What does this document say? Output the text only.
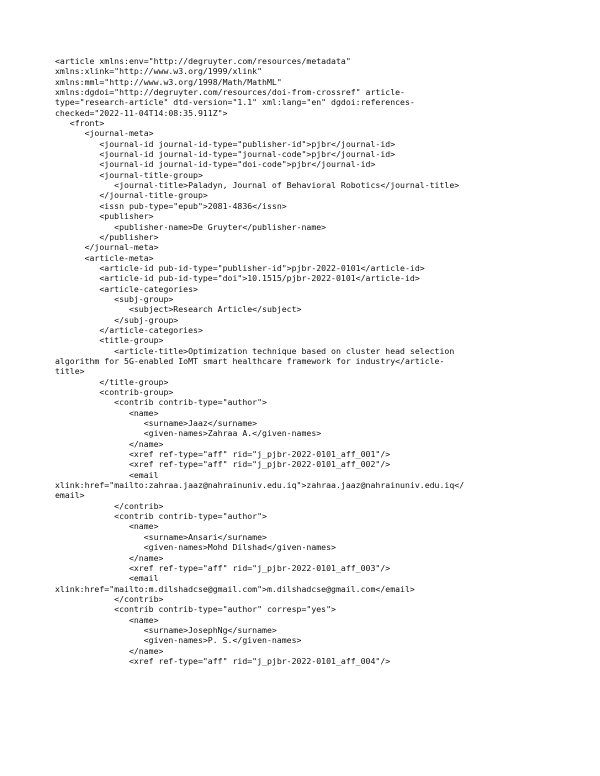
<article xmlns:env="http://degruyter.com/resources/metadata"
xmlns:xlink="http://www.w3.org/1999/xlink"
xmlns:mml="http://www.w3.org/1998/Math/MathML"
xmlns:dgdoi="http://degruyter.com/resources/doi-from-crossref" article-
type="research-article" dtd-version="1.1" xml:lang="en" dgdoi:references-
checked="2022-11-04T14:08:35.911Z">
<front>
<journal-meta>
<journal-id journal-id-type="publisher-id">pjbr</journal-id>
<journal-id journal-id-type="journal-code">pjbr</journal-id>
<journal-id journal-id-type="doi-code">pjbr</journal-id>
<journal-title-group>
<journal-title>Paladyn, Journal of Behavioral Robotics</journal-title>
</journal-title-group>
<issn pub-type="epub">2081-4836</issn>
<publisher>
<publisher-name>De Gruyter</publisher-name>
</publisher>
</journal-meta>
<article-meta>
<article-id pub-id-type="publisher-id">pjbr-2022-0101</article-id>
<article-id pub-id-type="doi">10.1515/pjbr-2022-0101</article-id>
<article-categories>
<subj-group>
<subject>Research Article</subject>
</subj-group>
</article-categories>
<title-group>
<article-title>Optimization technique based on cluster head selection
algorithm for 5G-enabled IoMT smart healthcare framework for industry</article-
title>
</title-group>
<contrib-group>
<contrib contrib-type="author">
<name>
<surname>Jaaz</surname>
<given-names>Zahraa A.</given-names>
</name>
<xref ref-type="aff" rid="j_pjbr-2022-0101_aff_001"/>
<xref ref-type="aff" rid="j_pjbr-2022-0101_aff_002"/>
<email
xlink:href="mailto:zahraa.jaaz@nahrainuniv.edu.iq">zahraa.jaaz@nahrainuniv.edu.iq</
email>
</contrib>
<contrib contrib-type="author">
<name>
<surname>Ansari</surname>
<given-names>Mohd Dilshad</given-names>
</name>
<xref ref-type="aff" rid="j_pjbr-2022-0101_aff_003"/>
<email
xlink:href="mailto:m.dilshadcse@gmail.com">m.dilshadcse@gmail.com</email>
</contrib>
<contrib contrib-type="author" corresp="yes">
<name>
<surname>JosephNg</surname>
<given-names>P. S.</given-names>
</name>
<xref ref-type="aff" rid="j_pjbr-2022-0101_aff_004"/>
